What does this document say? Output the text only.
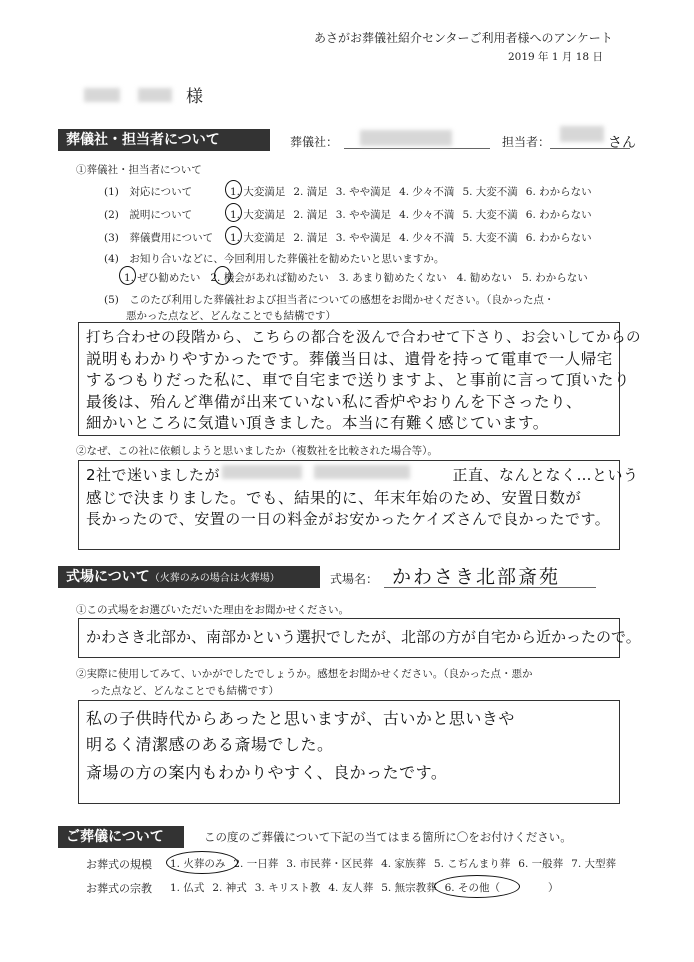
あさがお葬儀社紹介センターご利用者様へのアンケート
2019 年 1 月 18 日
様
葬儀社・担当者について	葬儀社：	担当者：	さん
①葬儀社・担当者について
(1)　対応について	1. 大変満足 2. 満足 3. やや満足 4. 少々不満 5. 大変不満 6. わからない
(2)　説明について	1. 大変満足 2. 満足 3. やや満足 4. 少々不満 5. 大変不満 6. わからない
(3)　葬儀費用について 1. 大変満足 2. 満足 3. やや満足 4. 少々不満 5. 大変不満 6. わからない
(4)　お知り合いなどに、今回利用した葬儀社を勧めたいと思いますか。
1. ぜひ勧めたい 2. 機会があれば勧めたい 3. あまり勧めたくない 4. 勧めない 5. わからない
(5)　このたび利用した葬儀社および担当者についての感想をお聞かせください。（良かった点・
悪かった点など、どんなことでも結構です）
打ち合わせの段階から、こちらの都合を汲んで合わせて下さり、お会いしてからの
説明もわかりやすかったです。葬儀当日は、遺骨を持って電車で一人帰宅
するつもりだった私に、車で自宅まで送りますよ、と事前に言って頂いたり
最後は、殆んど準備が出来ていない私に香炉やおりんを下さったり、
細かいところに気遣い頂きました。本当に有難く感じています。
②なぜ、この社に依頼しようと思いましたか（複数社を比較された場合等）。
2社で迷いましたが　　　　　　　　　　　　　　　正直、なんとなく…という
感じで決まりました。でも、結果的に、年末年始のため、安置日数が
長かったので、安置の一日の料金がお安かったケイズさんで良かったです。
式場について（火葬のみの場合は火葬場）	式場名： かわさき北部斎苑
①この式場をお選びいただいた理由をお聞かせください。
かわさき北部か、南部かという選択でしたが、北部の方が自宅から近かったので。
②実際に使用してみて、いかがでしたでしょうか。感想をお聞かせください。（良かった点・悪か
った点など、どんなことでも結構です）
私の子供時代からあったと思いますが、古いかと思いきや
明るく清潔感のある斎場でした。
斎場の方の案内もわかりやすく、良かったです。
ご葬儀について	この度のご葬儀について下記の当てはまる箇所に〇をお付けください。
お葬式の規模 1. 火葬のみ 2. 一日葬 3. 市民葬・区民葬 4. 家族葬 5. こぢんまり葬 6. 一般葬 7. 大型葬
お葬式の宗教 1. 仏式 2. 神式 3. キリスト教 4. 友人葬 5. 無宗教葬 6. その他（	）
